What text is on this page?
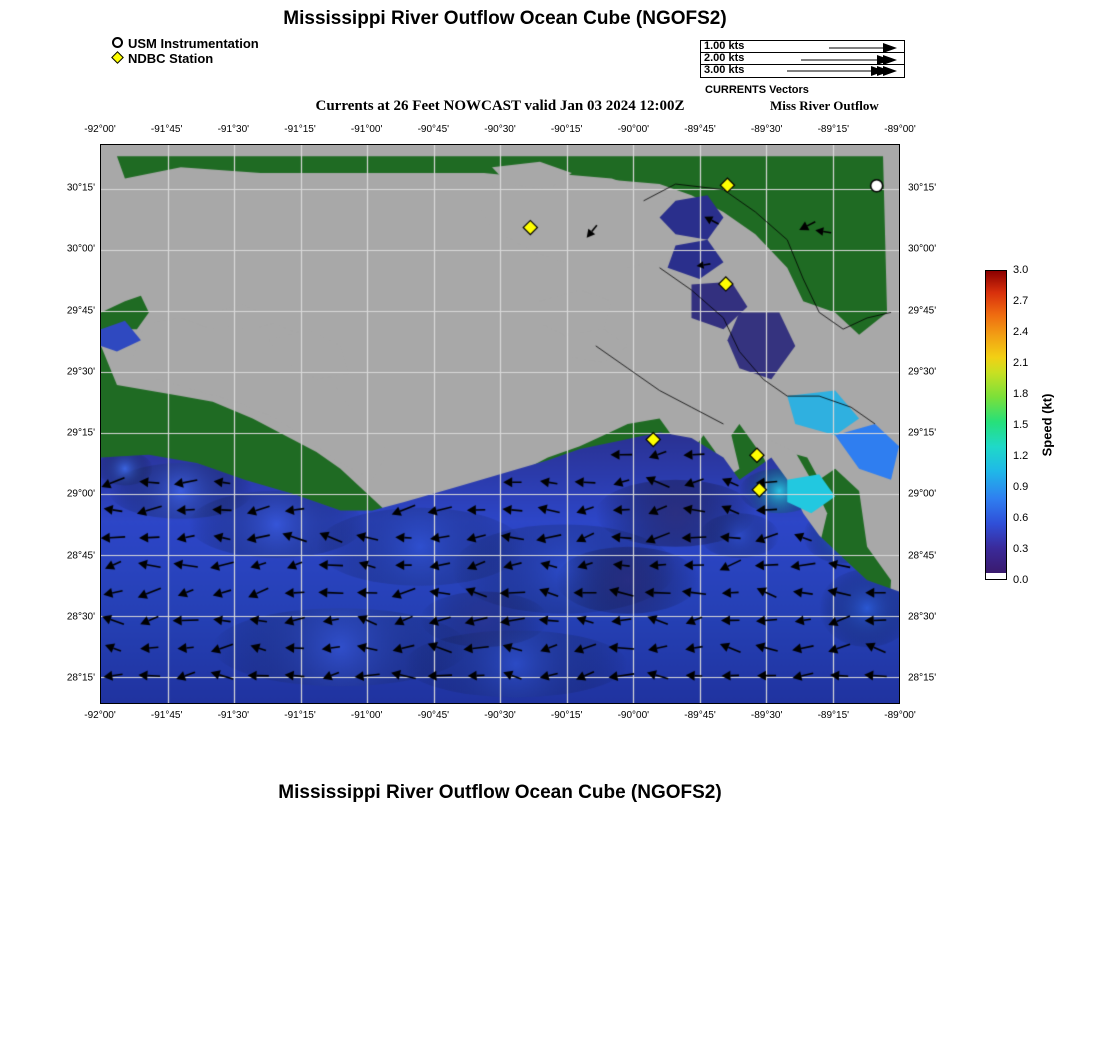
Mississippi River Outflow Ocean Cube (NGOFS2)
Currents at 26 Feet NOWCAST valid Jan 03 2024 12:00Z	Miss River Outflow
Mississippi River Outflow Ocean Cube (NGOFS2)
USM Instrumentation
NDBC Station
1.00 kts
2.00 kts
3.00 kts
CURRENTS Vectors
-92°00'
-92°00'
-91°45'
-91°45'
-91°30'
-91°30'
-91°15'
-91°15'
-91°00'
-91°00'
-90°45'
-90°45'
-90°30'
-90°30'
-90°15'
-90°15'
-90°00'
-90°00'
-89°45'
-89°45'
-89°30'
-89°30'
-89°15'
-89°15'
-89°00'
-89°00'
30°15'	30°15'
30°00'	30°00'
29°45'	29°45'
29°30'	29°30'
29°15'	29°15'
29°00'	29°00'
28°45'	28°45'
28°30'	28°30'
28°15'	28°15'
3.0
2.7
2.4
2.1
1.8
1.5
1.2
0.9
0.6
0.3
0.0
Speed (kt)
